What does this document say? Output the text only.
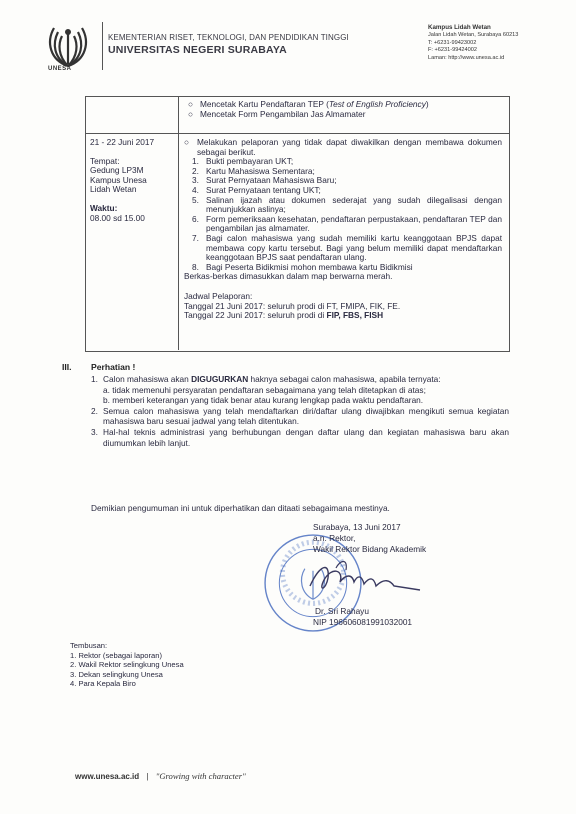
UNESA
KEMENTERIAN RISET, TEKNOLOGI, DAN PENDIDIKAN TINGGI
UNIVERSITAS NEGERI SURABAYA
Kampus Lidah Wetan
Jalan Lidah Wetan, Surabaya 60213
T: +6231-99423002
F: +6231-99424002
Laman: http://www.unesa.ac.id
○ Mencetak Kartu Pendaftaran TEP (Test of English Proficiency)
○ Mencetak Form Pengambilan Jas Almamater
21 - 22 Juni 2017
Tempat:
Gedung LP3M
Kampus Unesa
Lidah Wetan
Waktu:
08.00 sd 15.00
○ Melakukan pelaporan yang tidak dapat diwakilkan dengan membawa dokumen sebagai berikut.
1. Bukti pembayaran UKT;
2. Kartu Mahasiswa Sementara;
3. Surat Pernyataan Mahasiswa Baru;
4. Surat Pernyataan tentang UKT;
5. Salinan ijazah atau dokumen sederajat yang sudah dilegalisasi dengan menunjukkan aslinya;
6. Form pemeriksaan kesehatan, pendaftaran perpustakaan, pendaftaran TEP dan pengambilan jas almamater.
7. Bagi calon mahasiswa yang sudah memiliki kartu keanggotaan BPJS dapat membawa copy kartu tersebut. Bagi yang belum memiliki dapat mendaftarkan keanggotaan BPJS saat pendaftaran ulang.
8. Bagi Peserta Bidikmisi mohon membawa kartu Bidikmisi
Berkas-berkas dimasukkan dalam map berwarna merah.
Jadwal Pelaporan:
Tanggal 21 Juni 2017: seluruh prodi di FT, FMIPA, FIK, FE.
Tanggal 22 Juni 2017: seluruh prodi di FIP, FBS, FISH
III. Perhatian !
1. Calon mahasiswa akan DIGUGURKAN haknya sebagai calon mahasiswa, apabila ternyata:
a. tidak memenuhi persyaratan pendaftaran sebagaimana yang telah ditetapkan di atas;
b. memberi keterangan yang tidak benar atau kurang lengkap pada waktu pendaftaran.
2. Semua calon mahasiswa yang telah mendaftarkan diri/daftar ulang diwajibkan mengikuti semua kegiatan mahasiswa baru sesuai jadwal yang telah ditentukan.
3. Hal-hal teknis administrasi yang berhubungan dengan daftar ulang dan kegiatan mahasiswa baru akan diumumkan lebih lanjut.
Demikian pengumuman ini untuk diperhatikan dan ditaati sebagaimana mestinya.
Surabaya, 13 Juni 2017
a.n. Rektor,
Wakil Rektor Bidang Akademik
Dr. Sri Rahayu
NIP 196606081991032001
Tembusan:
1. Rektor (sebagai laporan)
2. Wakil Rektor selingkung Unesa
3. Dekan selingkung Unesa
4. Para Kepala Biro
www.unesa.ac.id | "Growing with character"
